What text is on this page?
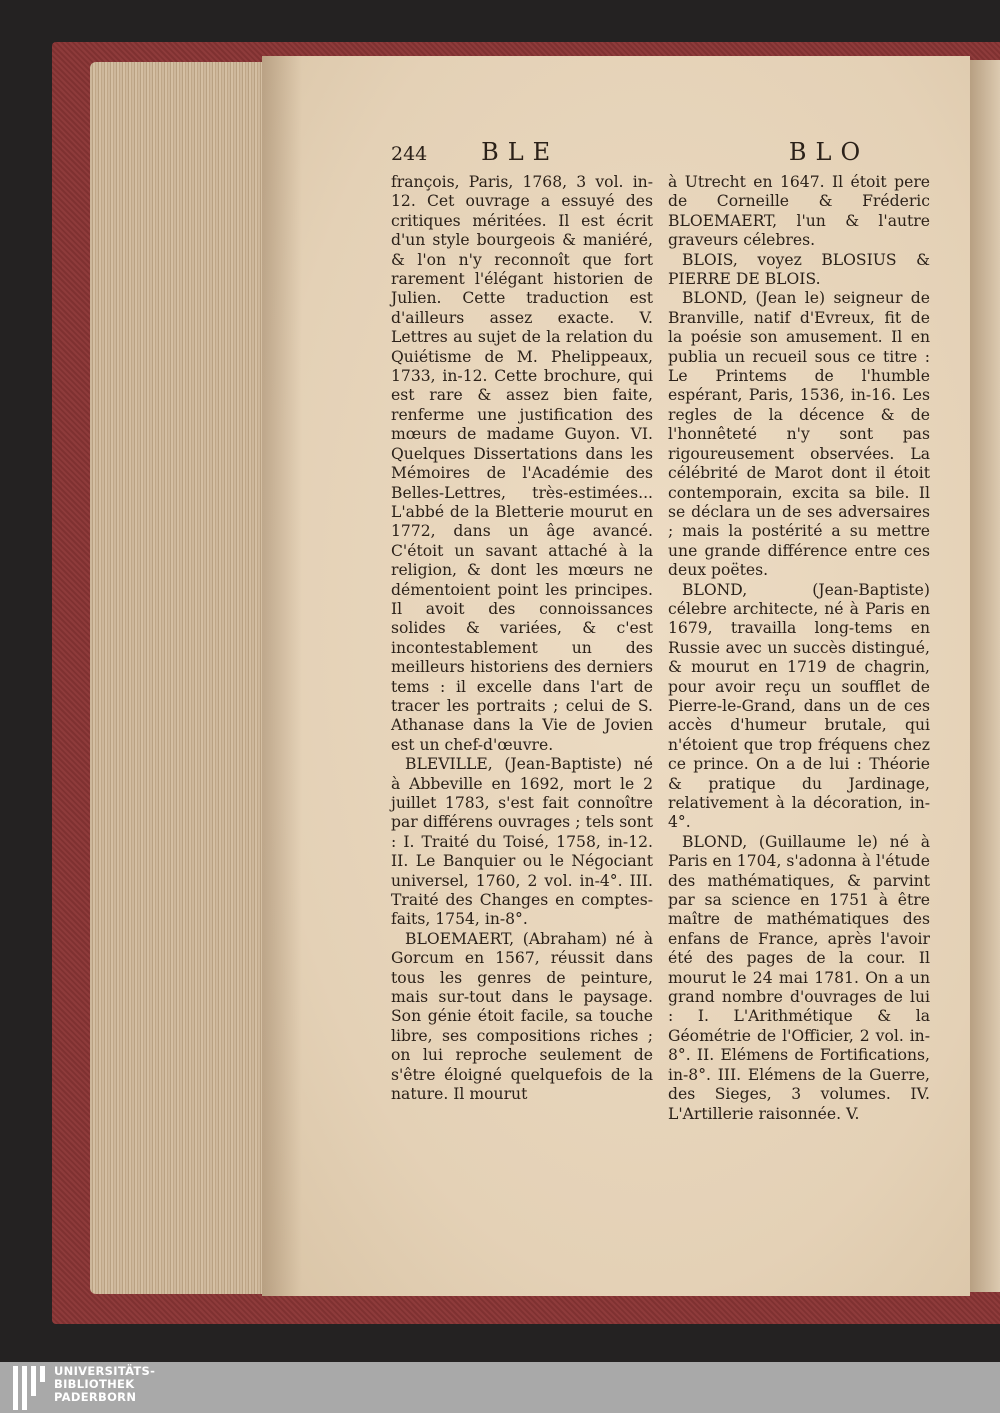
244 BLE

françois, Paris, 1768, 3 vol. in-12. Cet ouvrage a essuyé des critiques méritées. Il est écrit d'un style bourgeois & maniéré, & l'on n'y reconnoît que fort rarement l'élégant historien de Julien. Cette traduction est d'ailleurs assez exacte. V. Lettres au sujet de la relation du Quiétisme de M. Phelippeaux, 1733, in-12. Cette brochure, qui est rare & assez bien faite, renferme une justification des mœurs de madame Guyon. VI. Quelques Dissertations dans les Mémoires de l'Académie des Belles-Lettres, très-estimées... L'abbé de la Bletterie mourut en 1772, dans un âge avancé. C'étoit un savant attaché à la religion, & dont les mœurs ne démentoient point les principes. Il avoit des connoissances solides & variées, & c'est incontestablement un des meilleurs historiens des derniers tems : il excelle dans l'art de tracer les portraits ; celui de S. Athanase dans la Vie de Jovien est un chef-d'œuvre.

BLEVILLE, (Jean-Baptiste) né à Abbeville en 1692, mort le 2 juillet 1783, s'est fait connoître par différens ouvrages ; tels sont : I. Traité du Toisé, 1758, in-12. II. Le Banquier ou le Négociant universel, 1760, 2 vol. in-4°. III. Traité des Changes en comptes-faits, 1754, in-8°.

BLOEMAERT, (Abraham) né à Gorcum en 1567, réussit dans tous les genres de peinture, mais sur-tout dans le paysage. Son génie étoit facile, sa touche libre, ses compositions riches ; on lui reproche seulement de s'être éloigné quelquefois de la nature. Il mourut

BLO

à Utrecht en 1647. Il étoit pere de Corneille & Fréderic BLOEMAERT, l'un & l'autre graveurs célebres.

BLOIS, voyez BLOSIUS & PIERRE DE BLOIS.

BLOND, (Jean le) seigneur de Branville, natif d'Evreux, fit de la poésie son amusement. Il en publia un recueil sous ce titre : Le Printems de l'humble espérant, Paris, 1536, in-16. Les regles de la décence & de l'honnêteté n'y sont pas rigoureusement observées. La célébrité de Marot dont il étoit contemporain, excita sa bile. Il se déclara un de ses adversaires ; mais la postérité a su mettre une grande différence entre ces deux poëtes.

BLOND, (Jean-Baptiste) célebre architecte, né à Paris en 1679, travailla long-tems en Russie avec un succès distingué, & mourut en 1719 de chagrin, pour avoir reçu un soufflet de Pierre-le-Grand, dans un de ces accès d'humeur brutale, qui n'étoient que trop fréquens chez ce prince. On a de lui : Théorie & pratique du Jardinage, relativement à la décoration, in-4°.

BLOND, (Guillaume le) né à Paris en 1704, s'adonna à l'étude des mathématiques, & parvint par sa science en 1751 à être maître de mathématiques des enfans de France, après l'avoir été des pages de la cour. Il mourut le 24 mai 1781. On a un grand nombre d'ouvrages de lui : I. L'Arithmétique & la Géométrie de l'Officier, 2 vol. in-8°. II. Elémens de Fortifications, in-8°. III. Elémens de la Guerre, des Sieges, 3 volumes. IV. L'Artillerie raisonnée. V.

UNIVERSITÄTS-
BIBLIOTHEK
PADERBORN
